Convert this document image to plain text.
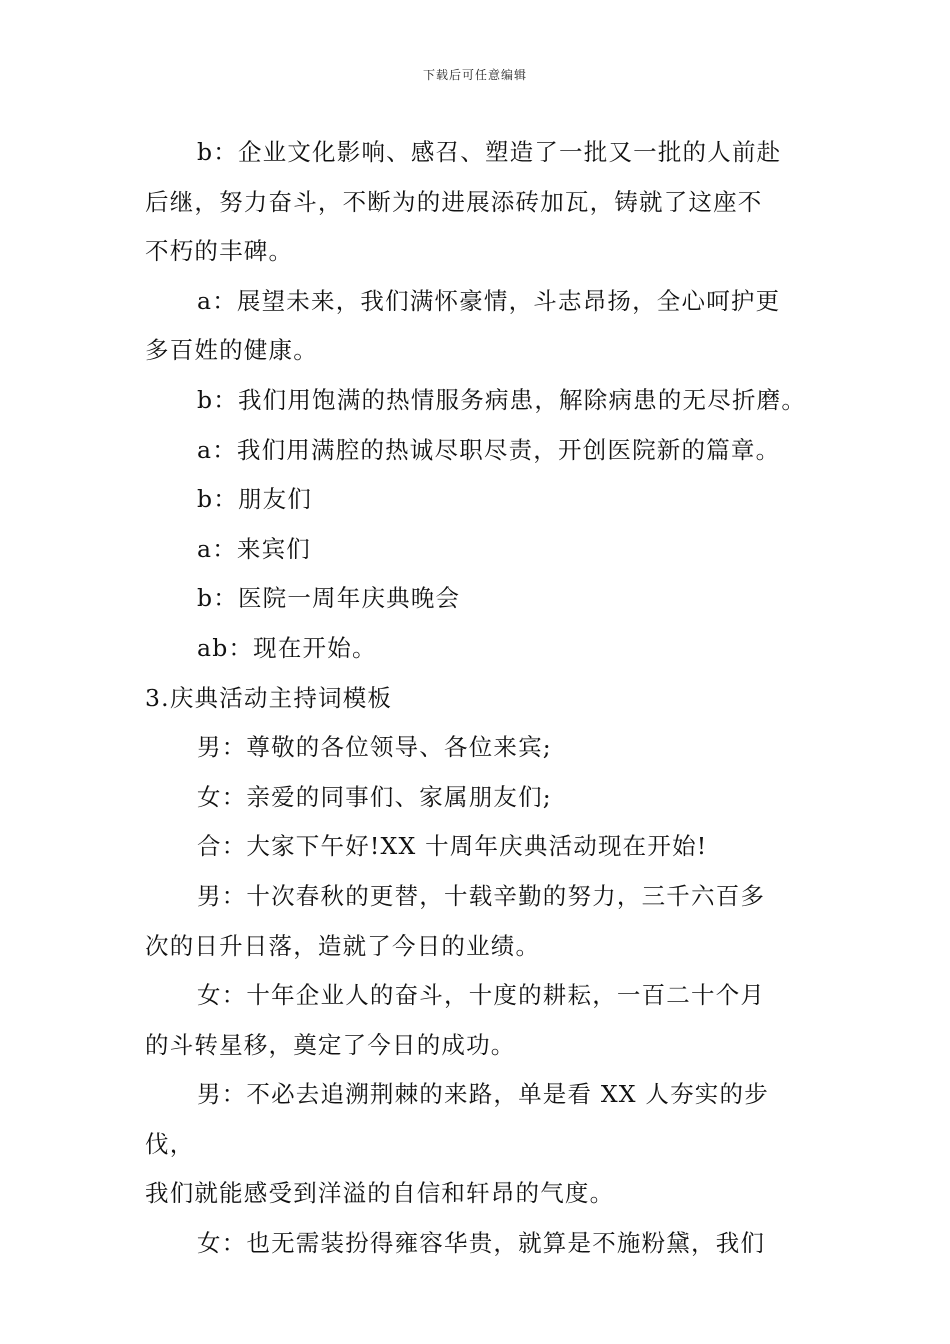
下载后可任意编辑

b：企业文化影响、感召、塑造了一批又一批的人前赴
后继，努力奋斗，不断为的进展添砖加瓦，铸就了这座不
不朽的丰碑。

a：展望未来，我们满怀豪情，斗志昂扬，全心呵护更
多百姓的健康。

b：我们用饱满的热情服务病患，解除病患的无尽折磨。

a：我们用满腔的热诚尽职尽责，开创医院新的篇章。

b：朋友们

a：来宾们

b：医院一周年庆典晚会

ab：现在开始。

3.庆典活动主持词模板

男：尊敬的各位领导、各位来宾;

女：亲爱的同事们、家属朋友们;

合：大家下午好!XX 十周年庆典活动现在开始!

男：十次春秋的更替，十载辛勤的努力，三千六百多
次的日升日落，造就了今日的业绩。

女：十年企业人的奋斗，十度的耕耘，一百二十个月
的斗转星移，奠定了今日的成功。

男：不必去追溯荆棘的来路，单是看 XX 人夯实的步伐，
我们就能感受到洋溢的自信和轩昂的气度。

女：也无需装扮得雍容华贵，就算是不施粉黛，我们
